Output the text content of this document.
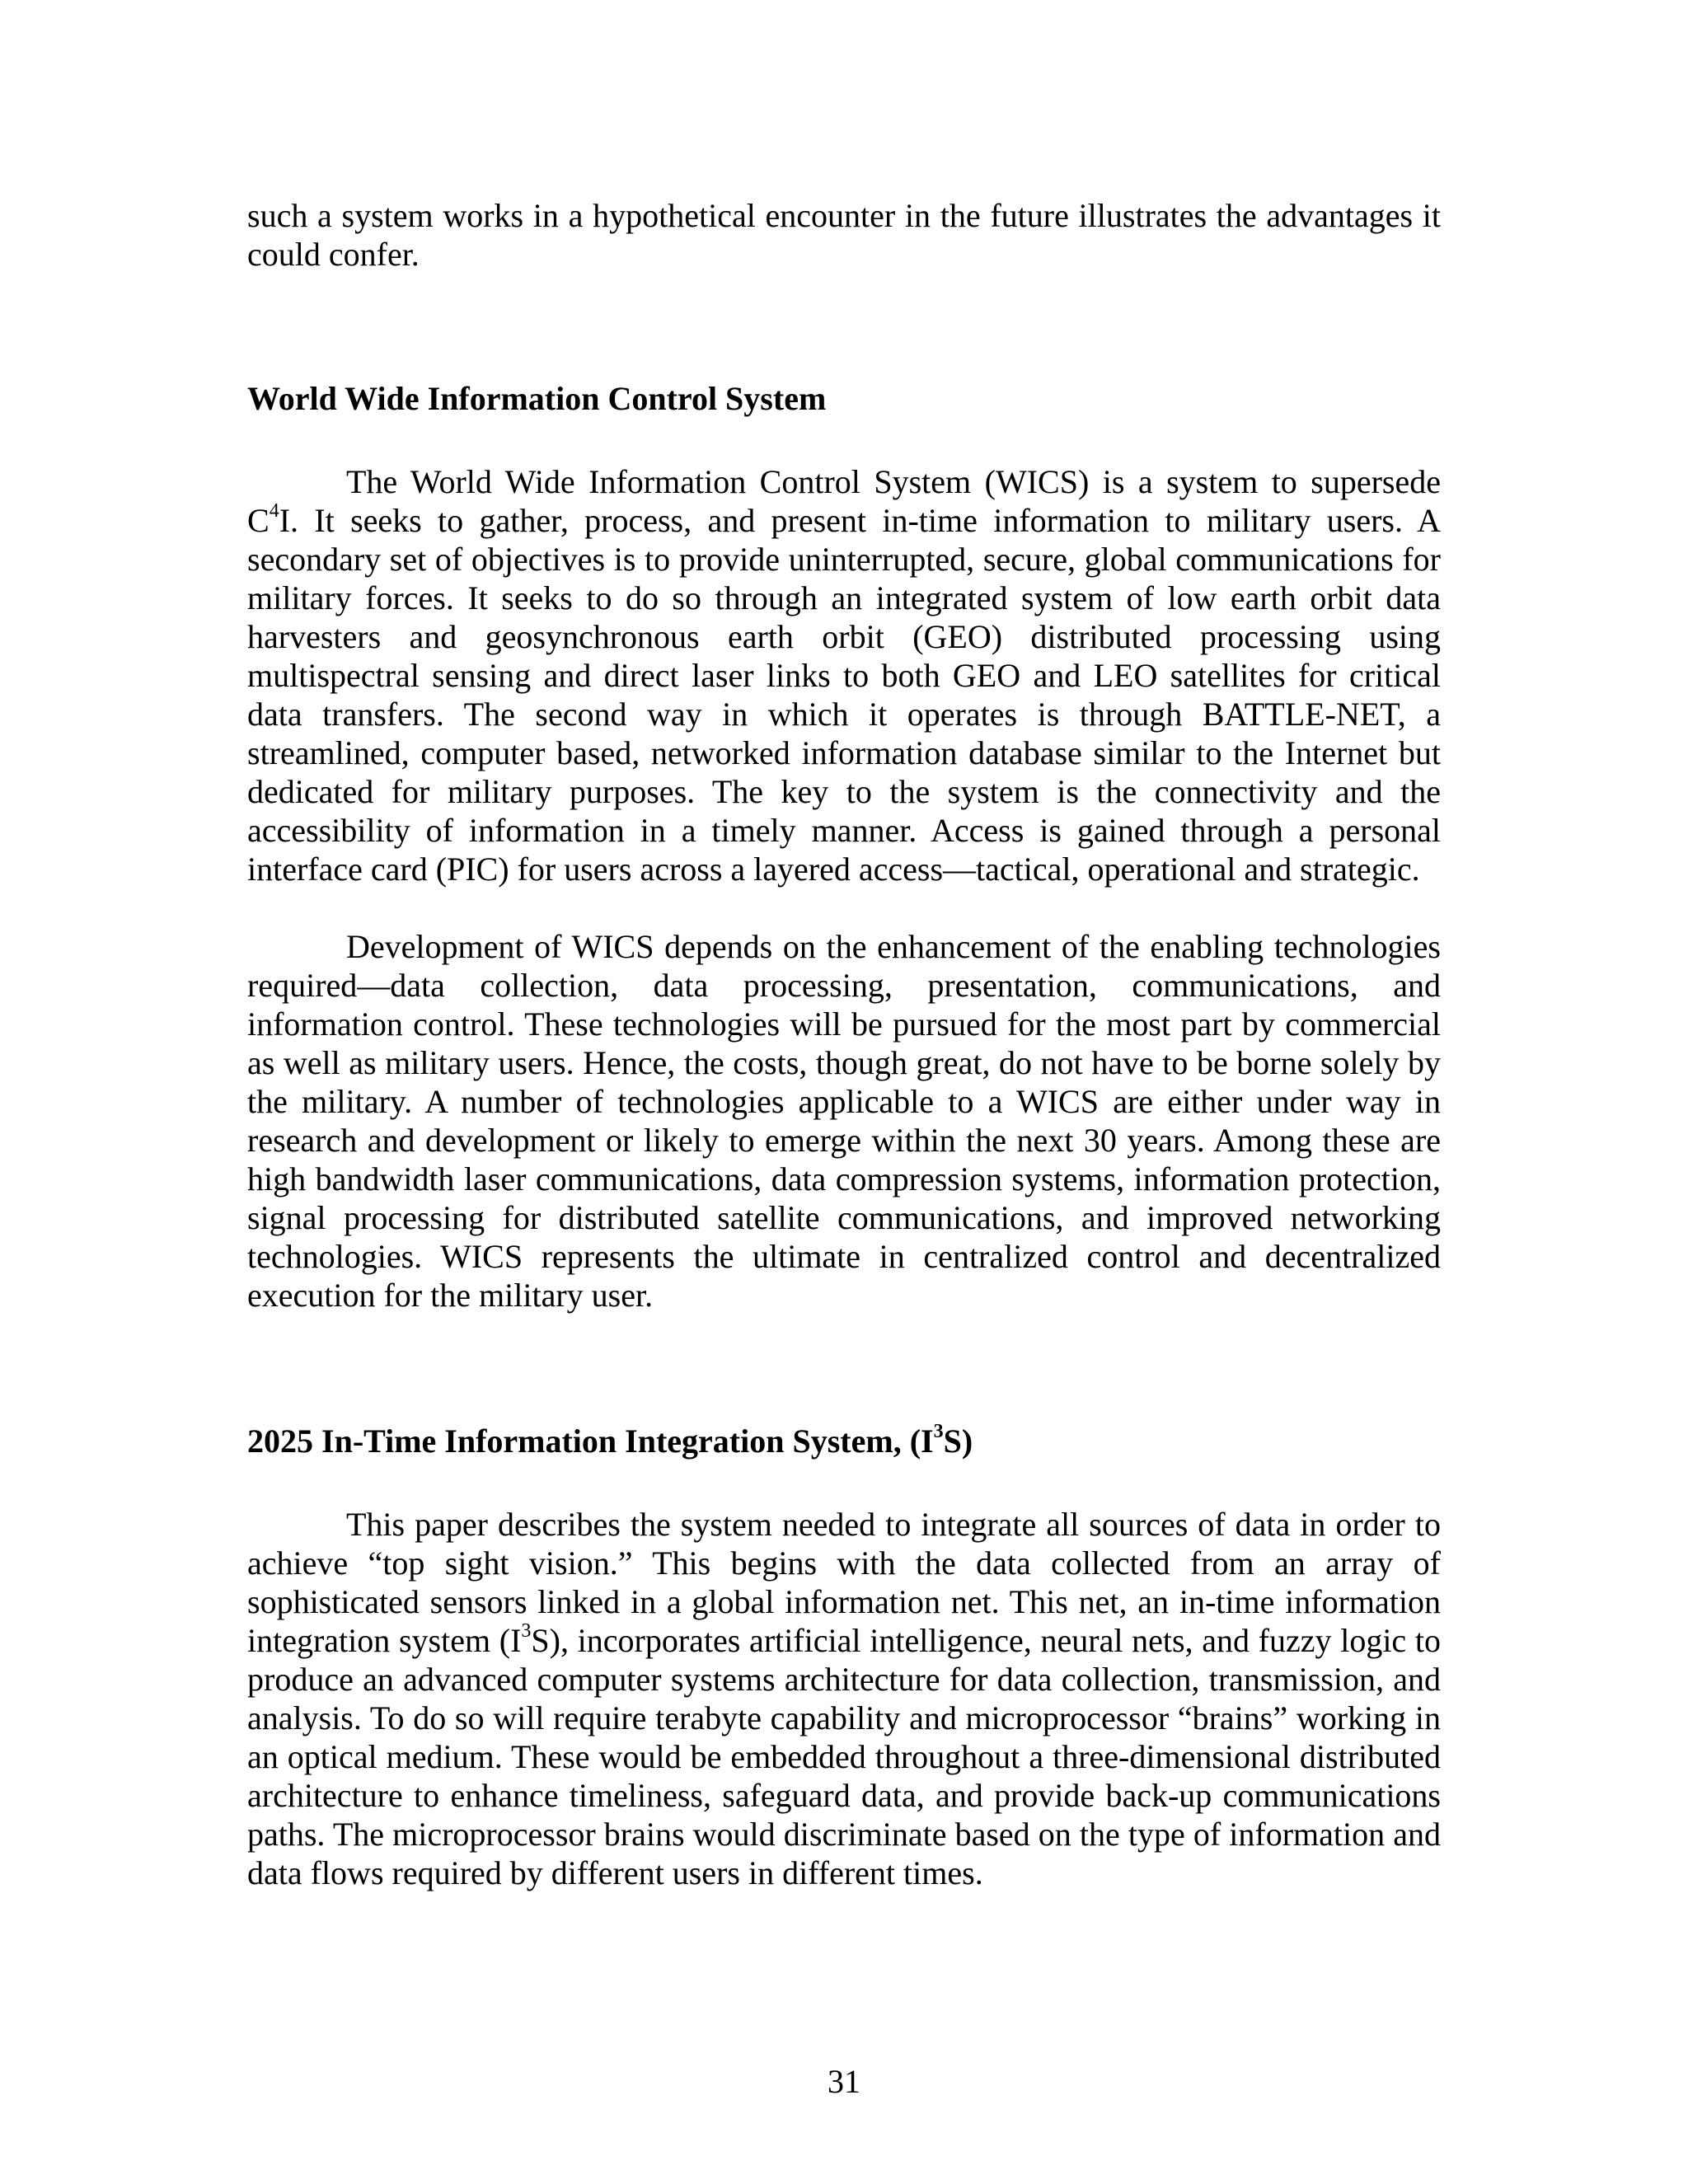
such a system works in a hypothetical encounter in the future illustrates the advantages it could confer.

World Wide Information Control System

The World Wide Information Control System (WICS) is a system to supersede $C^4I$. It seeks to gather, process, and present in-time information to military users. A secondary set of objectives is to provide uninterrupted, secure, global communications for military forces. It seeks to do so through an integrated system of low earth orbit data harvesters and geosynchronous earth orbit (GEO) distributed processing using multispectral sensing and direct laser links to both GEO and LEO satellites for critical data transfers. The second way in which it operates is through BATTLE-NET, a streamlined, computer based, networked information database similar to the Internet but dedicated for military purposes. The key to the system is the connectivity and the accessibility of information in a timely manner. Access is gained through a personal interface card (PIC) for users across a layered access—tactical, operational and strategic.

Development of WICS depends on the enhancement of the enabling technologies required—data collection, data processing, presentation, communications, and information control. These technologies will be pursued for the most part by commercial as well as military users. Hence, the costs, though great, do not have to be borne solely by the military. A number of technologies applicable to a WICS are either under way in research and development or likely to emerge within the next 30 years. Among these are high bandwidth laser communications, data compression systems, information protection, signal processing for distributed satellite communications, and improved networking technologies. WICS represents the ultimate in centralized control and decentralized execution for the military user.

2025 In-Time Information Integration System, $(I^3S)$

This paper describes the system needed to integrate all sources of data in order to achieve “top sight vision.” This begins with the data collected from an array of sophisticated sensors linked in a global information net. This net, an in-time information integration system $(I^3S)$, incorporates artificial intelligence, neural nets, and fuzzy logic to produce an advanced computer systems architecture for data collection, transmission, and analysis. To do so will require terabyte capability and microprocessor “brains” working in an optical medium. These would be embedded throughout a three-dimensional distributed architecture to enhance timeliness, safeguard data, and provide back-up communications paths. The microprocessor brains would discriminate based on the type of information and data flows required by different users in different times.

31
